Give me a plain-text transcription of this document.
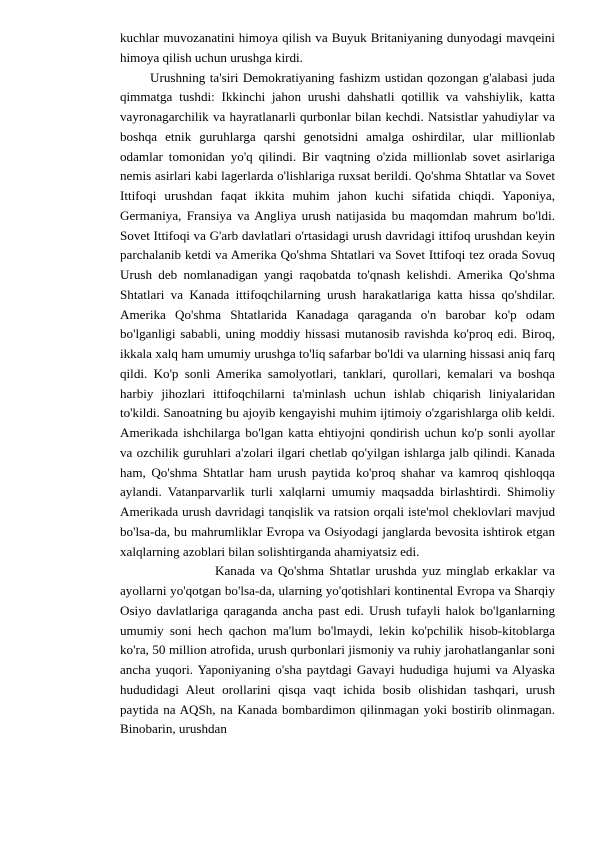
kuchlar muvozanatini himoya qilish va Buyuk Britaniyaning dunyodagi mavqeini himoya qilish uchun urushga kirdi.

Urushning ta'siri Demokratiyaning fashizm ustidan qozongan g'alabasi juda qimmatga tushdi: Ikkinchi jahon urushi dahshatli qotillik va vahshiylik, katta vayronagarchilik va hayratlanarli qurbonlar bilan kechdi. Natsistlar yahudiylar va boshqa etnik guruhlarga qarshi genotsidni amalga oshirdilar, ular millionlab odamlar tomonidan yo'q qilindi. Bir vaqtning o'zida millionlab sovet asirlariga nemis asirlari kabi lagerlarda o'lishlariga ruxsat berildi. Qo'shma Shtatlar va Sovet Ittifoqi urushdan faqat ikkita muhim jahon kuchi sifatida chiqdi. Yaponiya, Germaniya, Fransiya va Angliya urush natijasida bu maqomdan mahrum bo'ldi. Sovet Ittifoqi va G'arb davlatlari o'rtasidagi urush davridagi ittifoq urushdan keyin parchalanib ketdi va Amerika Qo'shma Shtatlari va Sovet Ittifoqi tez orada Sovuq Urush deb nomlanadigan yangi raqobatda to'qnash kelishdi. Amerika Qo'shma Shtatlari va Kanada ittifoqchilarning urush harakatlariga katta hissa qo'shdilar. Amerika Qo'shma Shtatlarida Kanadaga qaraganda o'n barobar ko'p odam bo'lganligi sababli, uning moddiy hissasi mutanosib ravishda ko'proq edi. Biroq, ikkala xalq ham umumiy urushga to'liq safarbar bo'ldi va ularning hissasi aniq farq qildi. Ko'p sonli Amerika samolyotlari, tanklari, qurollari, kemalari va boshqa harbiy jihozlari ittifoqchilarni ta'minlash uchun ishlab chiqarish liniyalaridan to'kildi. Sanoatning bu ajoyib kengayishi muhim ijtimoiy o'zgarishlarga olib keldi. Amerikada ishchilarga bo'lgan katta ehtiyojni qondirish uchun ko'p sonli ayollar va ozchilik guruhlari a'zolari ilgari chetlab qo'yilgan ishlarga jalb qilindi. Kanada ham, Qo'shma Shtatlar ham urush paytida ko'proq shahar va kamroq qishloqqa aylandi. Vatanparvarlik turli xalqlarni umumiy maqsadda birlashtirdi. Shimoliy Amerikada urush davridagi tanqislik va ratsion orqali iste'mol cheklovlari mavjud bo'lsa-da, bu mahrumliklar Evropa va Osiyodagi janglarda bevosita ishtirok etgan xalqlarning azoblari bilan solishtirganda ahamiyatsiz edi.

Kanada va Qo'shma Shtatlar urushda yuz minglab erkaklar va ayollarni yo'qotgan bo'lsa-da, ularning yo'qotishlari kontinental Evropa va Sharqiy Osiyo davlatlariga qaraganda ancha past edi. Urush tufayli halok bo'lganlarning umumiy soni hech qachon ma'lum bo'lmaydi, lekin ko'pchilik hisob-kitoblarga ko'ra, 50 million atrofida, urush qurbonlari jismoniy va ruhiy jarohatlanganlar soni ancha yuqori. Yaponiyaning o'sha paytdagi Gavayi hududiga hujumi va Alyaska hududidagi Aleut orollarini qisqa vaqt ichida bosib olishidan tashqari, urush paytida na AQSh, na Kanada bombardimon qilinmagan yoki bostirib olinmagan. Binobarin, urushdan
